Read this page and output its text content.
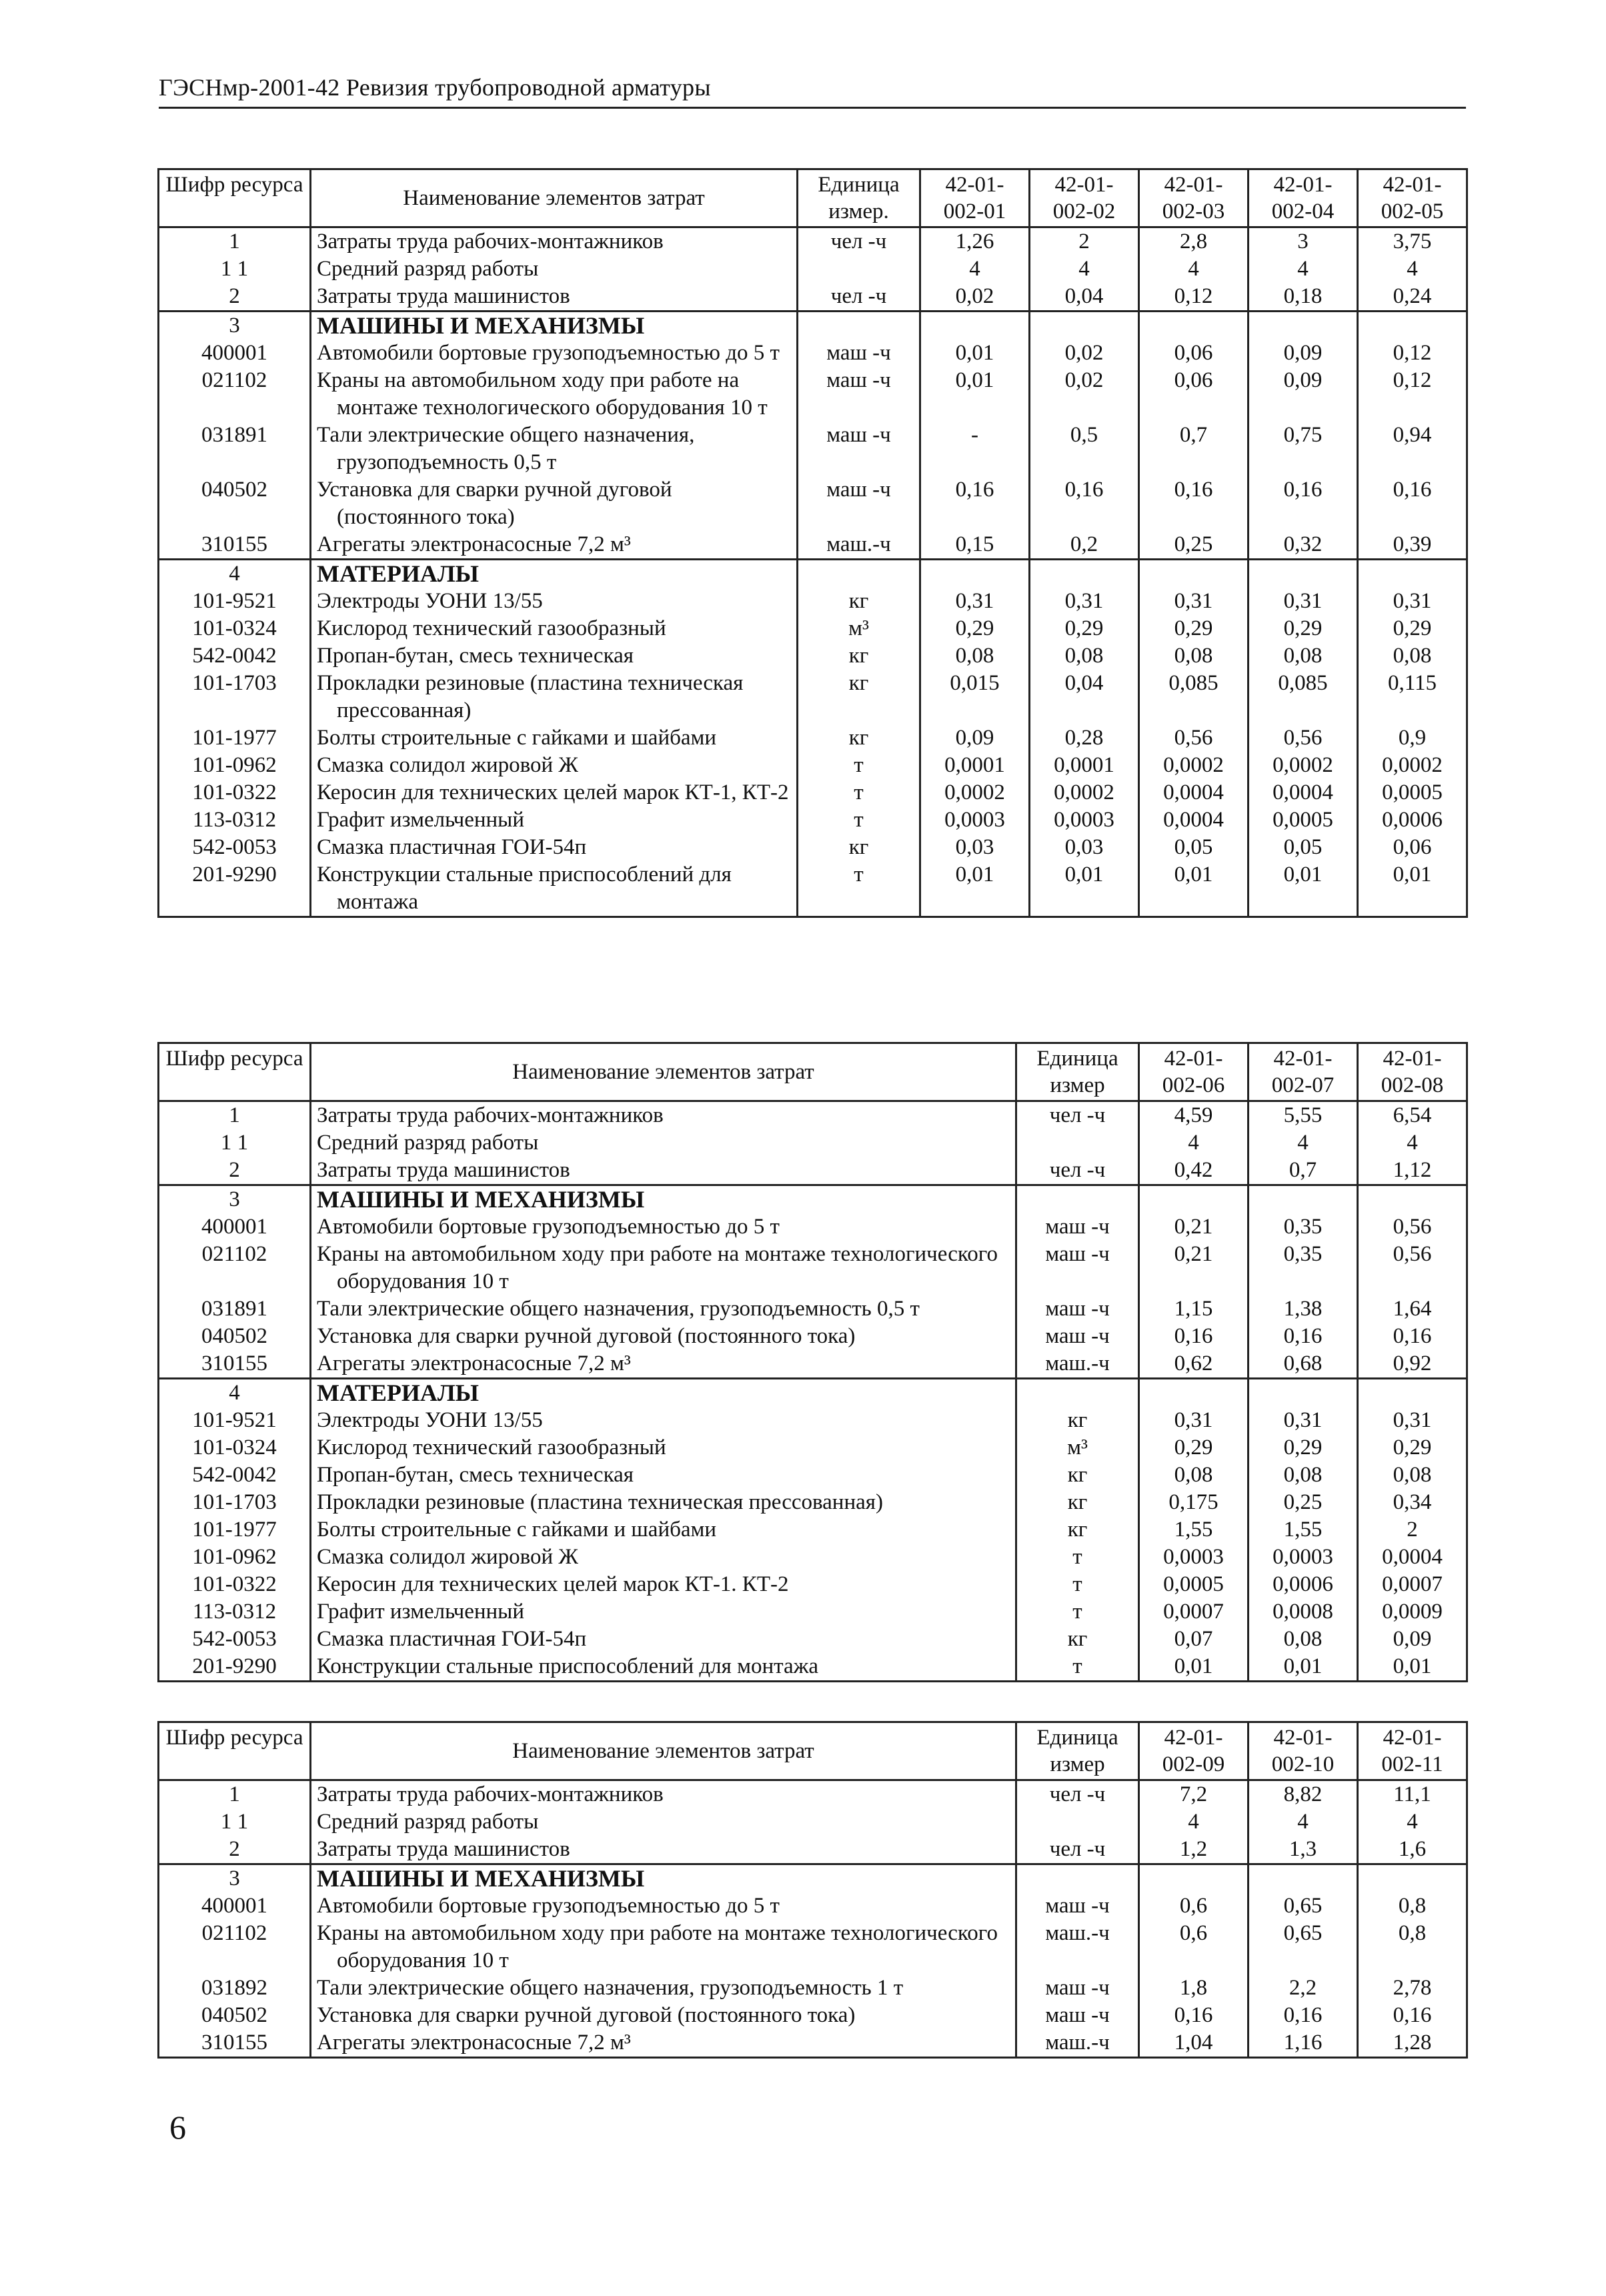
ГЭСНмр-2001-42 Ревизия трубопроводной арматуры
Шифр ресурса	Наименование элементов затрат	Единица измер.	42-01-002-01	42-01-002-02	42-01-002-03	42-01-002-04	42-01-002-05
1	Затраты труда рабочих-монтажников	чел -ч	1,26	2	2,8	3	3,75
1 1	Средний разряд работы		4	4	4	4	4
2	Затраты труда машинистов	чел -ч	0,02	0,04	0,12	0,18	0,24
3	МАШИНЫ И МЕХАНИЗМЫ						

400001	Автомобили бортовые грузоподъемностью до 5 т	маш -ч	0,01	0,02	0,06	0,09	0,12
021102	Краны на автомобильном ходу при работе на монтаже технологического оборудования 10 т	маш -ч	0,01	0,02	0,06	0,09	0,12
031891	Тали электрические общего назначения, грузоподъемность 0,5 т	маш -ч	-	0,5	0,7	0,75	0,94
040502	Установка для сварки ручной дуговой (постоянного тока)	маш -ч	0,16	0,16	0,16	0,16	0,16
310155	Агрегаты электронасосные 7,2 м³	маш.-ч	0,15	0,2	0,25	0,32	0,39
4	МАТЕРИАЛЫ						

101-9521	Электроды УОНИ 13/55	кг	0,31	0,31	0,31	0,31	0,31
101-0324	Кислород технический газообразный	м³	0,29	0,29	0,29	0,29	0,29
542-0042	Пропан-бутан, смесь техническая	кг	0,08	0,08	0,08	0,08	0,08
101-1703	Прокладки резиновые (пластина техническая прессованная)	кг	0,015	0,04	0,085	0,085	0,115
101-1977	Болты строительные с гайками и шайбами	кг	0,09	0,28	0,56	0,56	0,9
101-0962	Смазка солидол жировой Ж	т	0,0001	0,0001	0,0002	0,0002	0,0002
101-0322	Керосин для технических целей марок КТ-1, КТ-2	т	0,0002	0,0002	0,0004	0,0004	0,0005
113-0312	Графит измельченный	т	0,0003	0,0003	0,0004	0,0005	0,0006
542-0053	Смазка пластичная ГОИ-54п	кг	0,03	0,03	0,05	0,05	0,06
201-9290	Конструкции стальные приспособлений для монтажа	т	0,01	0,01	0,01	0,01	0,01
Шифр ресурса	Наименование элементов затрат	Единица измер	42-01-002-06	42-01-002-07	42-01-002-08
1	Затраты труда рабочих-монтажников	чел -ч	4,59	5,55	6,54
1 1	Средний разряд работы		4	4	4
2	Затраты труда машинистов	чел -ч	0,42	0,7	1,12
3	МАШИНЫ И МЕХАНИЗМЫ				

400001	Автомобили бортовые грузоподъемностью до 5 т	маш -ч	0,21	0,35	0,56
021102	Краны на автомобильном ходу при работе на монтаже технологического оборудования 10 т	маш -ч	0,21	0,35	0,56
031891	Тали электрические общего назначения, грузоподъемность 0,5 т	маш -ч	1,15	1,38	1,64
040502	Установка для сварки ручной дуговой (постоянного тока)	маш -ч	0,16	0,16	0,16
310155	Агрегаты электронасосные 7,2 м³	маш.-ч	0,62	0,68	0,92
4	МАТЕРИАЛЫ				

101-9521	Электроды УОНИ 13/55	кг	0,31	0,31	0,31
101-0324	Кислород технический газообразный	м³	0,29	0,29	0,29
542-0042	Пропан-бутан, смесь техническая	кг	0,08	0,08	0,08
101-1703	Прокладки резиновые (пластина техническая прессованная)	кг	0,175	0,25	0,34
101-1977	Болты строительные с гайками и шайбами	кг	1,55	1,55	2
101-0962	Смазка солидол жировой Ж	т	0,0003	0,0003	0,0004
101-0322	Керосин для технических целей марок КТ-1. КТ-2	т	0,0005	0,0006	0,0007
113-0312	Графит измельченный	т	0,0007	0,0008	0,0009
542-0053	Смазка пластичная ГОИ-54п	кг	0,07	0,08	0,09
201-9290	Конструкции стальные приспособлений для монтажа	т	0,01	0,01	0,01
Шифр ресурса	Наименование элементов затрат	Единица измер	42-01-002-09	42-01-002-10	42-01-002-11
1	Затраты труда рабочих-монтажников	чел -ч	7,2	8,82	11,1
1 1	Средний разряд работы		4	4	4
2	Затраты труда машинистов	чел -ч	1,2	1,3	1,6
3	МАШИНЫ И МЕХАНИЗМЫ				

400001	Автомобили бортовые грузоподъемностью до 5 т	маш -ч	0,6	0,65	0,8
021102	Краны на автомобильном ходу при работе на монтаже технологического оборудования 10 т	маш.-ч	0,6	0,65	0,8
031892	Тали электрические общего назначения, грузоподъемность 1 т	маш -ч	1,8	2,2	2,78
040502	Установка для сварки ручной дуговой (постоянного тока)	маш -ч	0,16	0,16	0,16
310155	Агрегаты электронасосные 7,2 м³	маш.-ч	1,04	1,16	1,28
6
